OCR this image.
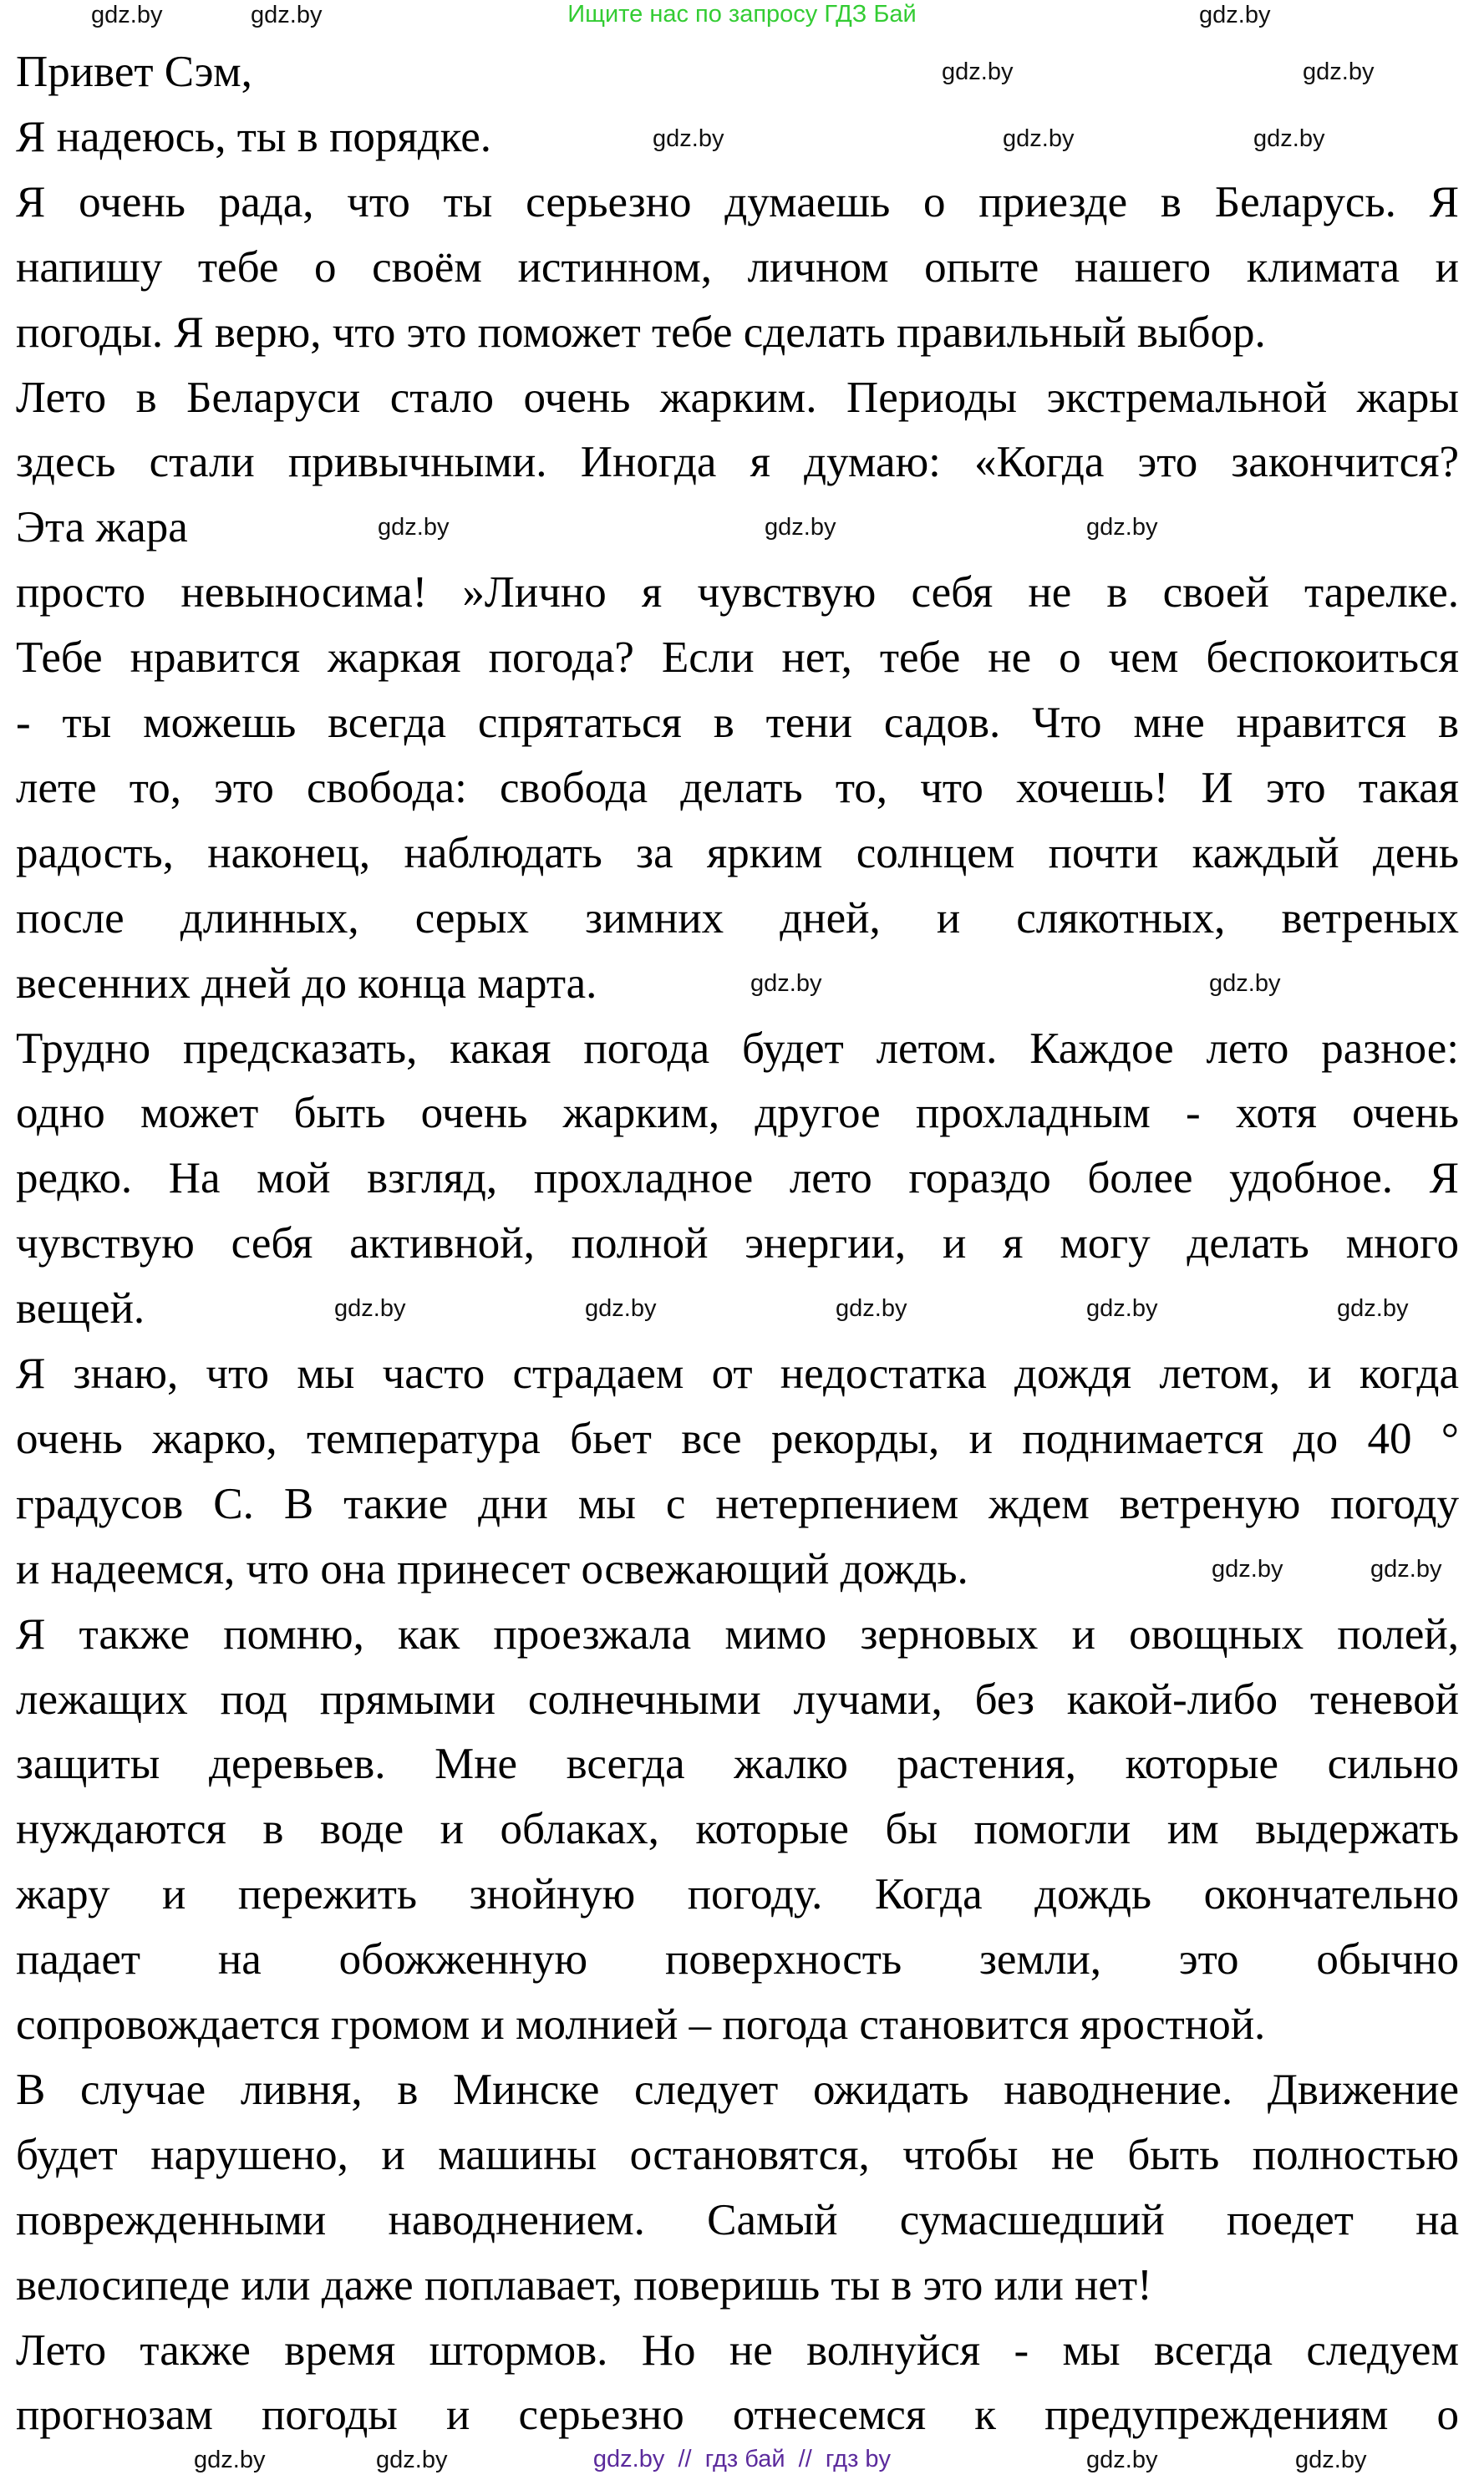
Ищите нас по запросу ГДЗ Бай
Привет Сэм,
Я надеюсь, ты в порядке.
Я очень рада, что ты серьезно думаешь о приезде в Беларусь. Я
напишу тебе о своём истинном, личном опыте нашего климата и
погоды. Я верю, что это поможет тебе сделать правильный выбор.
Лето в Беларуси стало очень жарким. Периоды экстремальной жары
здесь стали привычными. Иногда я думаю: «Когда это закончится?
Эта жара
просто невыносима! »Лично я чувствую себя не в своей тарелке.
Тебе нравится жаркая погода? Если нет, тебе не о чем беспокоиться
- ты можешь всегда спрятаться в тени садов. Что мне нравится в
лете то, это свобода: свобода делать то, что хочешь! И это такая
радость, наконец, наблюдать за ярким солнцем почти каждый день
после длинных, серых зимних дней, и слякотных, ветреных
весенних дней до конца марта.
Трудно предсказать, какая погода будет летом. Каждое лето разное:
одно может быть очень жарким, другое прохладным - хотя очень
редко. На мой взгляд, прохладное лето гораздо более удобное. Я
чувствую себя активной, полной энергии, и я могу делать много
вещей.
Я знаю, что мы часто страдаем от недостатка дождя летом, и когда
очень жарко, температура бьет все рекорды, и поднимается до 40 °
градусов С. В такие дни мы с нетерпением ждем ветреную погоду
и надеемся, что она принесет освежающий дождь.
Я также помню, как проезжала мимо зерновых и овощных полей,
лежащих под прямыми солнечными лучами, без какой-либо теневой
защиты деревьев. Мне всегда жалко растения, которые сильно
нуждаются в воде и облаках, которые бы помогли им выдержать
жару и пережить знойную погоду. Когда дождь окончательно
падает на обожженную поверхность земли, это обычно
сопровождается громом и молнией – погода становится яростной.
В случае ливня, в Минске следует ожидать наводнение. Движение
будет нарушено, и машины остановятся, чтобы не быть полностью
поврежденными наводнением. Самый сумасшедший поедет на
велосипеде или даже поплавает, поверишь ты в это или нет!
Лето также время штормов. Но не волнуйся - мы всегда следуем
прогнозам погоды и серьезно отнесемся к предупреждениям о
gdz.by	gdz.by
gdz.by
gdz.by	gdz.by
gdz.by	gdz.by	gdz.by
gdz.by
gdz.by
gdz.by
gdz.by
gdz.by	gdz.by
gdz.by
gdz.by
gdz.by
gdz.by
gdz.by	gdz.by
gdz.by
gdz.by
gdz.by
gdz.by	gdz.by  //  гдз бай  //  гдз by
